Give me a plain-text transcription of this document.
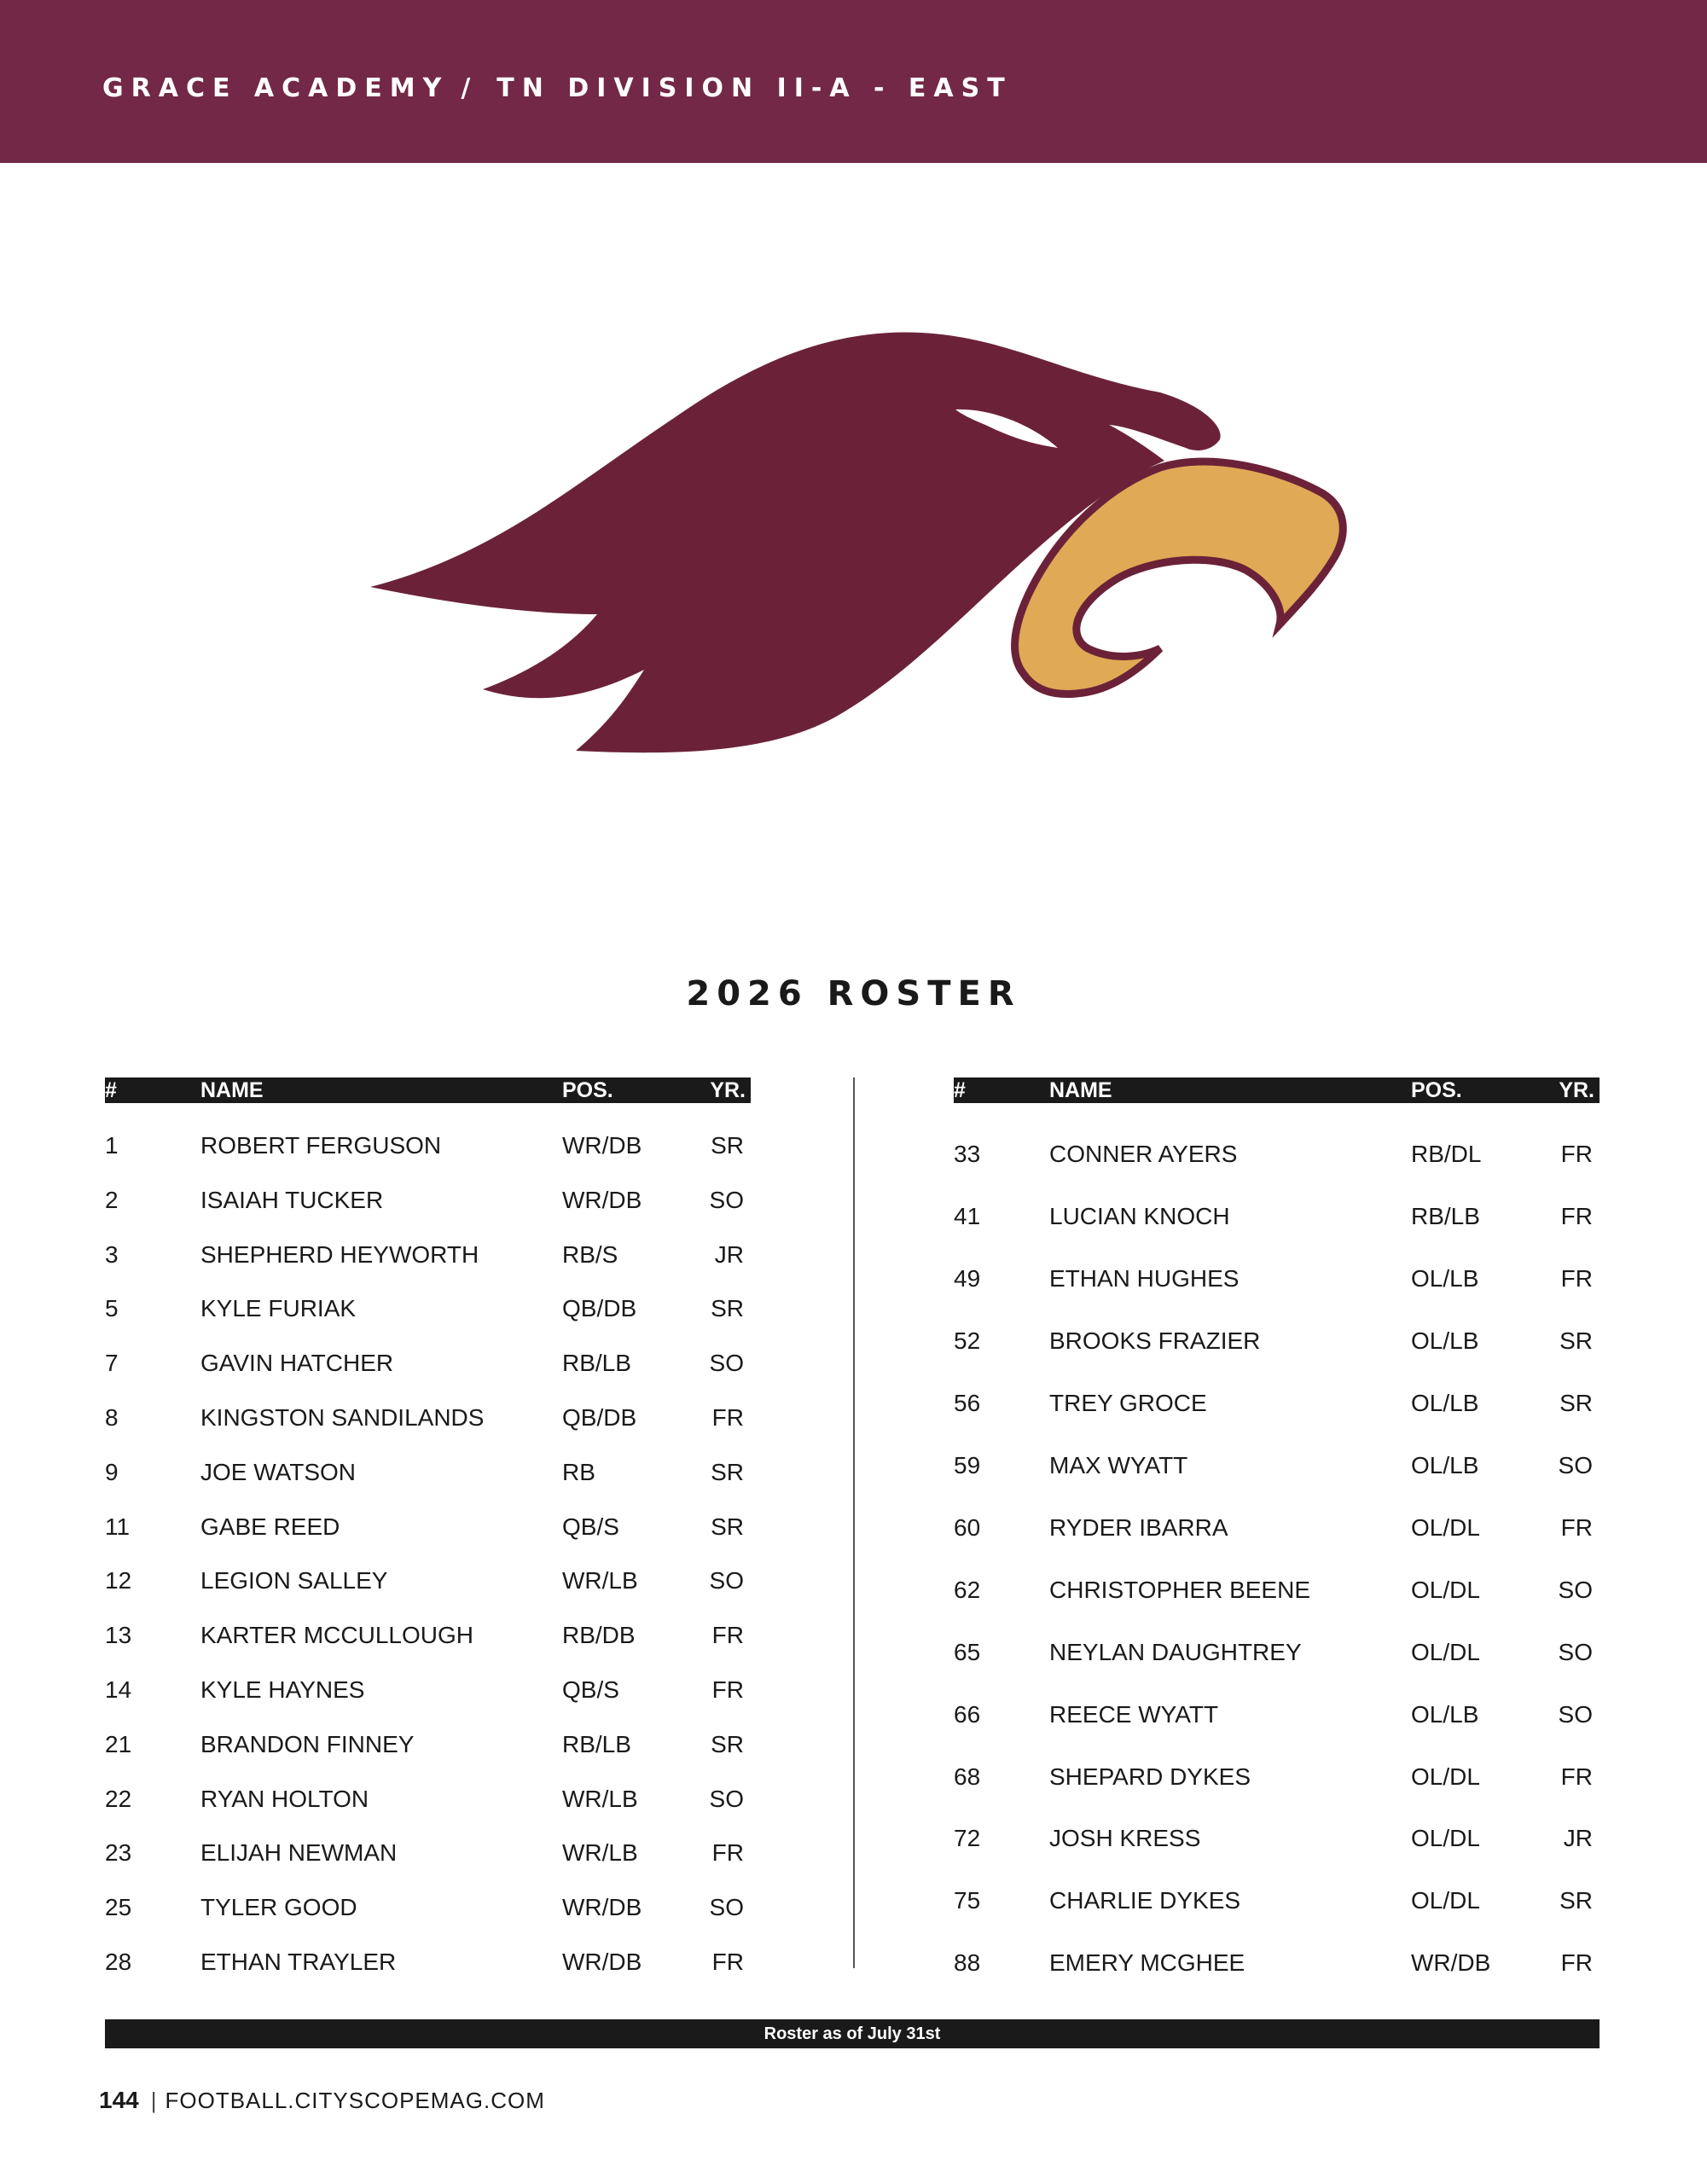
GRACE ACADEMY / TN DIVISION II-A - EAST
2026 ROSTER
#	NAME	POS.	YR.
1	ROBERT FERGUSON	WR/DB	SR
2	ISAIAH TUCKER	WR/DB	SO
3	SHEPHERD HEYWORTH	RB/S	JR
5	KYLE FURIAK	QB/DB	SR
7	GAVIN HATCHER	RB/LB	SO
8	KINGSTON SANDILANDS	QB/DB	FR
9	JOE WATSON	RB	SR
11	GABE REED	QB/S	SR
12	LEGION SALLEY	WR/LB	SO
13	KARTER MCCULLOUGH	RB/DB	FR
14	KYLE HAYNES	QB/S	FR
21	BRANDON FINNEY	RB/LB	SR
22	RYAN HOLTON	WR/LB	SO
23	ELIJAH NEWMAN	WR/LB	FR
25	TYLER GOOD	WR/DB	SO
28	ETHAN TRAYLER	WR/DB	FR
#	NAME	POS.	YR.
33	CONNER AYERS	RB/DL	FR
41	LUCIAN KNOCH	RB/LB	FR
49	ETHAN HUGHES	OL/LB	FR
52	BROOKS FRAZIER	OL/LB	SR
56	TREY GROCE	OL/LB	SR
59	MAX WYATT	OL/LB	SO
60	RYDER IBARRA	OL/DL	FR
62	CHRISTOPHER BEENE	OL/DL	SO
65	NEYLAN DAUGHTREY	OL/DL	SO
66	REECE WYATT	OL/LB	SO
68	SHEPARD DYKES	OL/DL	FR
72	JOSH KRESS	OL/DL	JR
75	CHARLIE DYKES	OL/DL	SR
88	EMERY MCGHEE	WR/DB	FR
Roster as of July 31st
144 | FOOTBALL.CITYSCOPEMAG.COM
